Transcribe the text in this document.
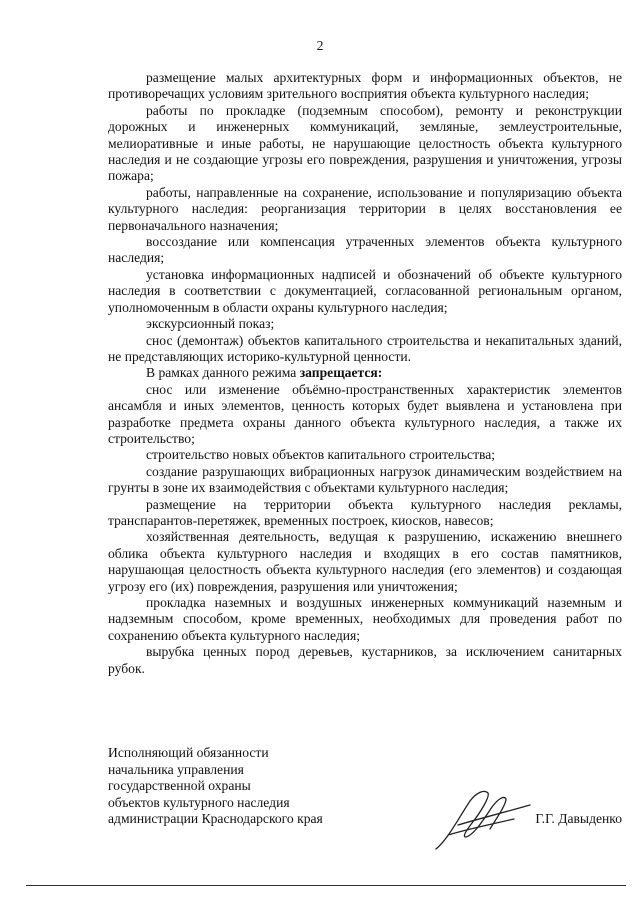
2

размещение малых архитектурных форм и информационных объектов, не противоречащих условиям зрительного восприятия объекта культурного наследия;

работы по прокладке (подземным способом), ремонту и реконструкции дорожных и инженерных коммуникаций, земляные, землеустроительные, мелиоративные и иные работы, не нарушающие целостность объекта культурного наследия и не создающие угрозы его повреждения, разрушения и уничтожения, угрозы пожара;

работы, направленные на сохранение, использование и популяризацию объекта культурного наследия: реорганизация территории в целях восстановления ее первоначального назначения;

воссоздание или компенсация утраченных элементов объекта культурного наследия;

установка информационных надписей и обозначений об объекте культурного наследия в соответствии с документацией, согласованной региональным органом, уполномоченным в области охраны культурного наследия;

экскурсионный показ;

снос (демонтаж) объектов капитального строительства и некапитальных зданий, не представляющих историко-культурной ценности.

В рамках данного режима запрещается:

снос или изменение объёмно-пространственных характеристик элементов ансамбля и иных элементов, ценность которых будет выявлена и установлена при разработке предмета охраны данного объекта культурного наследия, а также их строительство;

строительство новых объектов капитального строительства;

создание разрушающих вибрационных нагрузок динамическим воздействием на грунты в зоне их взаимодействия с объектами культурного наследия;

размещение на территории объекта культурного наследия рекламы, транспарантов-перетяжек, временных построек, киосков, навесов;

хозяйственная деятельность, ведущая к разрушению, искажению внешнего облика объекта культурного наследия и входящих в его состав памятников, нарушающая целостность объекта культурного наследия (его элементов) и создающая угрозу его (их) повреждения, разрушения или уничтожения;

прокладка наземных и воздушных инженерных коммуникаций наземным и надземным способом, кроме временных, необходимых для проведения работ по сохранению объекта культурного наследия;

вырубка ценных пород деревьев, кустарников, за исключением санитарных рубок.

Исполняющий обязанности

начальника управления

государственной охраны

объектов культурного наследия

администрации Краснодарского края	Г.Г. Давыденко
